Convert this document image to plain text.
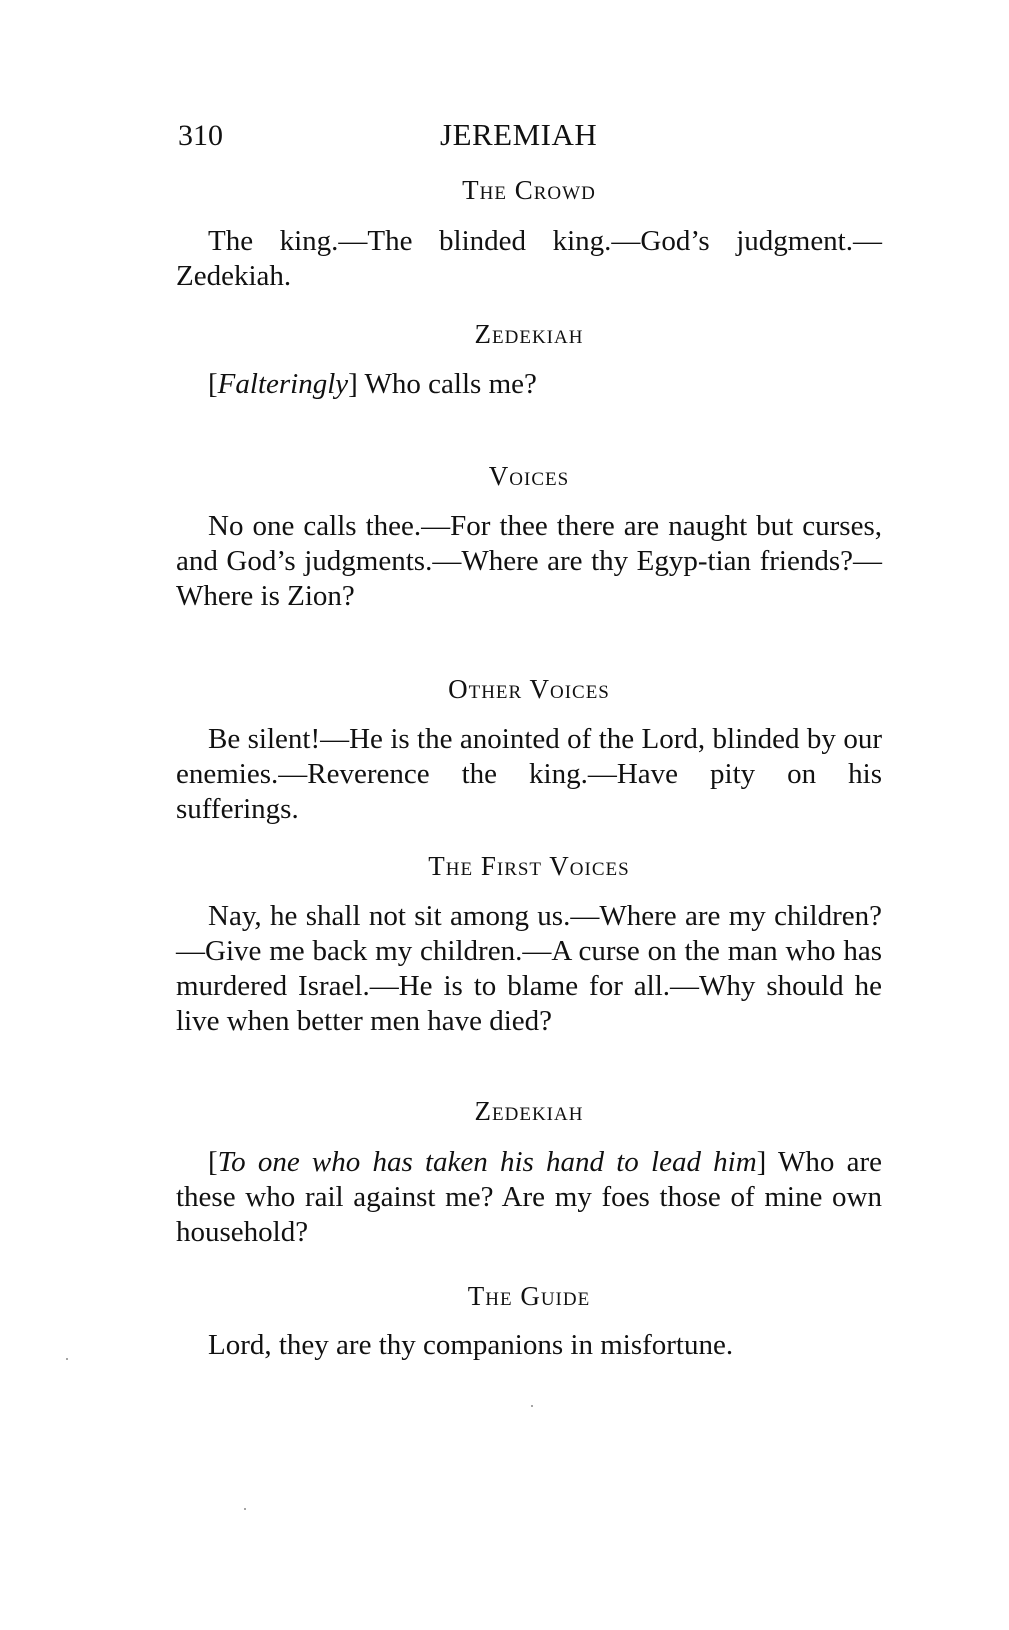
310	JEREMIAH
The Crowd
The king.—The blinded king.—God’s judgment.—Zedekiah.
Zedekiah
[Falteringly] Who calls me?
Voices
No one calls thee.—For thee there are naught but curses, and God’s judgments.—Where are thy Egyp-tian friends?—Where is Zion?
Other Voices
Be silent!—He is the anointed of the Lord, blinded by our enemies.—Reverence the king.—Have pity on his sufferings.
The First Voices
Nay, he shall not sit among us.—Where are my children?—Give me back my children.—A curse on the man who has murdered Israel.—He is to blame for all.—Why should he live when better men have died?
Zedekiah
[To one who has taken his hand to lead him] Who are these who rail against me? Are my foes those of mine own household?
The Guide
Lord, they are thy companions in misfortune.
